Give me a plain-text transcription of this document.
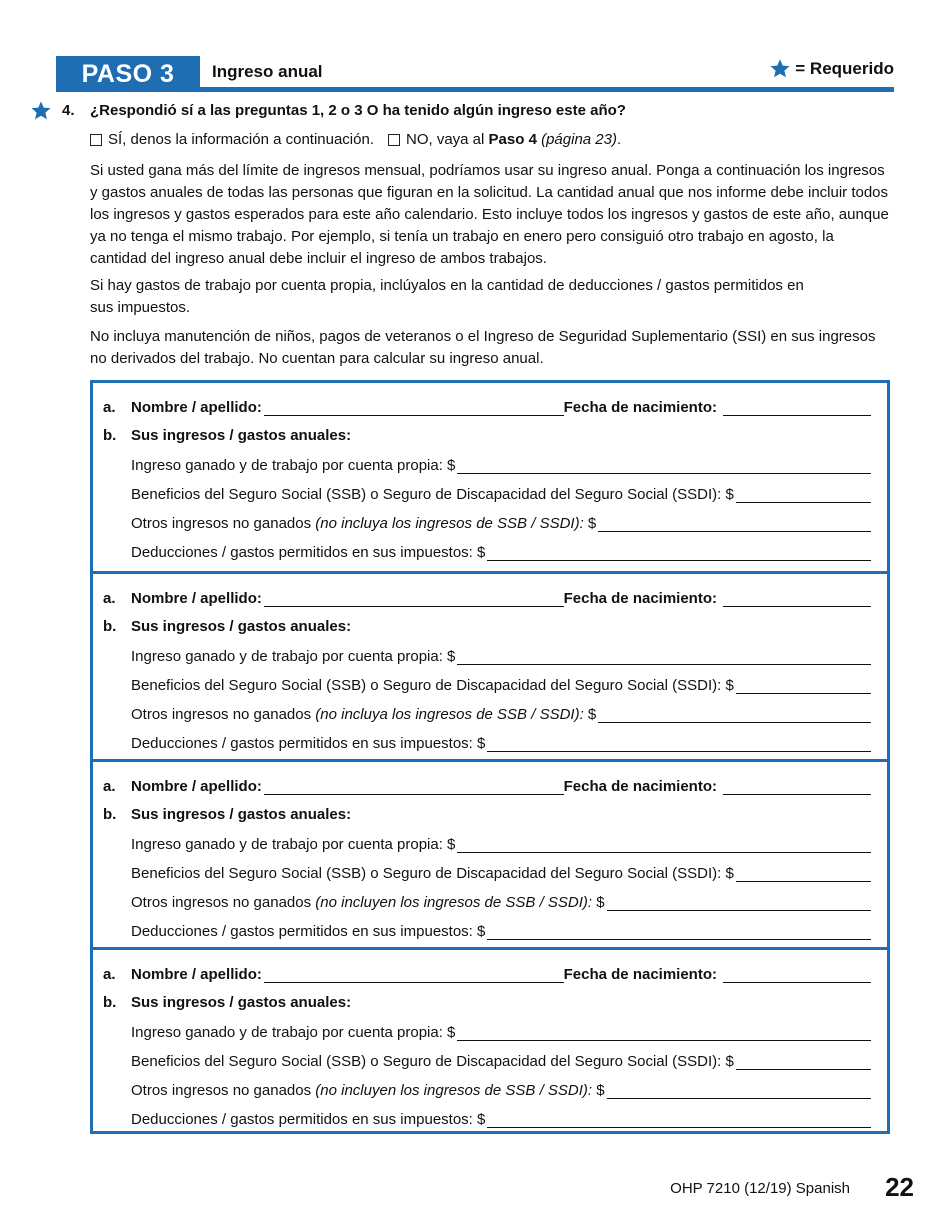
PASO 3	Ingreso anual	= Requerido
4. ¿Respondió sí a las preguntas 1, 2 o 3 O ha tenido algún ingreso este año?
SÍ, denos la información a continuación. NO, vaya al Paso 4 (página 23).

Si usted gana más del límite de ingresos mensual, podríamos usar su ingreso anual. Ponga a continuación los ingresos y gastos anuales de todas las personas que figuran en la solicitud. La cantidad anual que nos informe debe incluir todos los ingresos y gastos esperados para este año calendario. Esto incluye todos los ingresos y gastos de este año, aunque ya no tenga el mismo trabajo. Por ejemplo, si tenía un trabajo en enero pero consiguió otro trabajo en agosto, la cantidad del ingreso anual debe incluir el ingreso de ambos trabajos.

Si hay gastos de trabajo por cuenta propia, inclúyalos en la cantidad de deducciones / gastos permitidos en sus impuestos.

No incluya manutención de niños, pagos de veteranos o el Ingreso de Seguridad Suplementario (SSI) en sus ingresos no derivados del trabajo. No cuentan para calcular su ingreso anual.

a.	Nombre / apellido:	Fecha de nacimiento:
b. Sus ingresos / gastos anuales:
Ingreso ganado y de trabajo por cuenta propia: $
Beneficios del Seguro Social (SSB) o Seguro de Discapacidad del Seguro Social (SSDI): $
Otros ingresos no ganados (no incluya los ingresos de SSB / SSDI): $
Deducciones / gastos permitidos en sus impuestos: $
a.	Nombre / apellido:	Fecha de nacimiento:
b. Sus ingresos / gastos anuales:
Ingreso ganado y de trabajo por cuenta propia: $
Beneficios del Seguro Social (SSB) o Seguro de Discapacidad del Seguro Social (SSDI): $
Otros ingresos no ganados (no incluya los ingresos de SSB / SSDI): $
Deducciones / gastos permitidos en sus impuestos: $
a.	Nombre / apellido:	Fecha de nacimiento:
b. Sus ingresos / gastos anuales:
Ingreso ganado y de trabajo por cuenta propia: $
Beneficios del Seguro Social (SSB) o Seguro de Discapacidad del Seguro Social (SSDI): $
Otros ingresos no ganados (no incluyen los ingresos de SSB / SSDI): $
Deducciones / gastos permitidos en sus impuestos: $
a.	Nombre / apellido:	Fecha de nacimiento:
b. Sus ingresos / gastos anuales:
Ingreso ganado y de trabajo por cuenta propia: $
Beneficios del Seguro Social (SSB) o Seguro de Discapacidad del Seguro Social (SSDI): $
Otros ingresos no ganados (no incluyen los ingresos de SSB / SSDI): $
Deducciones / gastos permitidos en sus impuestos: $
OHP 7210 (12/19) Spanish 22
